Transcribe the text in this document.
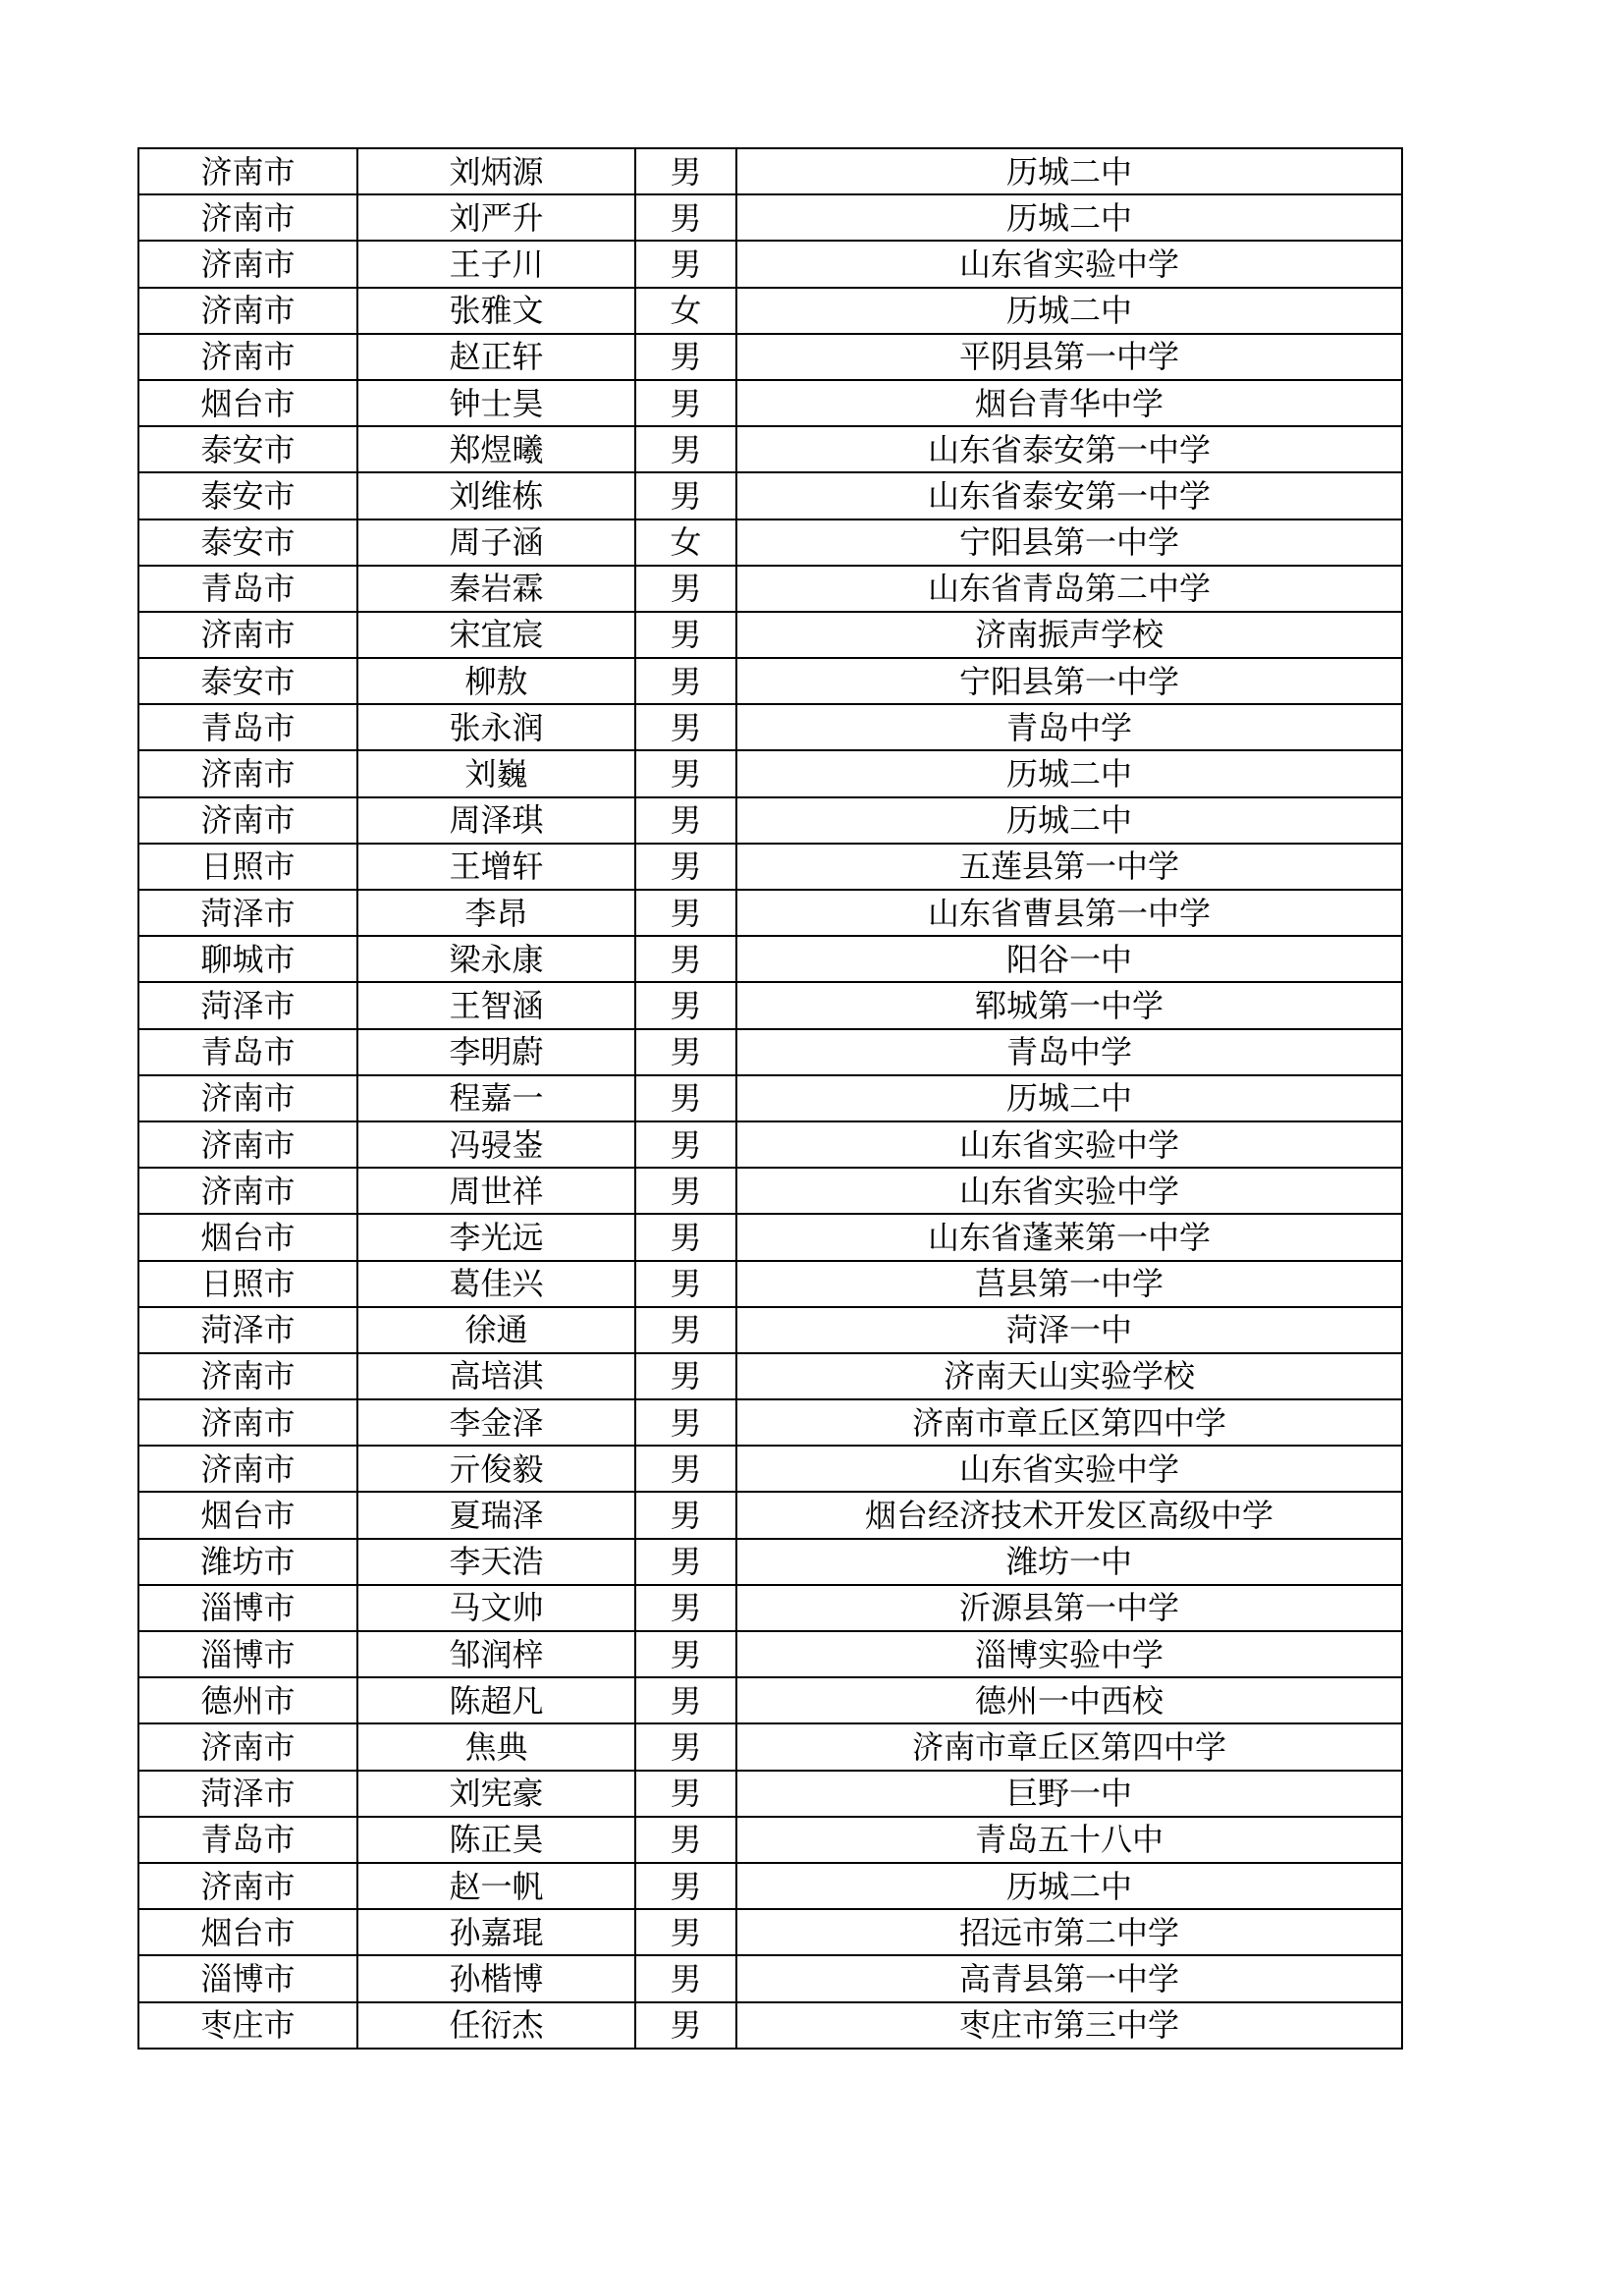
济南市	刘炳源	男	历城二中
济南市	刘严升	男	历城二中
济南市	王子川	男	山东省实验中学
济南市	张雅文	女	历城二中
济南市	赵正轩	男	平阴县第一中学
烟台市	钟士昊	男	烟台青华中学
泰安市	郑煜曦	男	山东省泰安第一中学
泰安市	刘维栋	男	山东省泰安第一中学
泰安市	周子涵	女	宁阳县第一中学
青岛市	秦岩霖	男	山东省青岛第二中学
济南市	宋宜宸	男	济南振声学校
泰安市	柳敖	男	宁阳县第一中学
青岛市	张永润	男	青岛中学
济南市	刘巍	男	历城二中
济南市	周泽琪	男	历城二中
日照市	王增轩	男	五莲县第一中学
菏泽市	李昂	男	山东省曹县第一中学
聊城市	梁永康	男	阳谷一中
菏泽市	王智涵	男	郓城第一中学
青岛市	李明蔚	男	青岛中学
济南市	程嘉一	男	历城二中
济南市	冯骎崟	男	山东省实验中学
济南市	周世祥	男	山东省实验中学
烟台市	李光远	男	山东省蓬莱第一中学
日照市	葛佳兴	男	莒县第一中学
菏泽市	徐通	男	菏泽一中
济南市	高培淇	男	济南天山实验学校
济南市	李金泽	男	济南市章丘区第四中学
济南市	亓俊毅	男	山东省实验中学
烟台市	夏瑞泽	男	烟台经济技术开发区高级中学
潍坊市	李天浩	男	潍坊一中
淄博市	马文帅	男	沂源县第一中学
淄博市	邹润梓	男	淄博实验中学
德州市	陈超凡	男	德州一中西校
济南市	焦典	男	济南市章丘区第四中学
菏泽市	刘宪豪	男	巨野一中
青岛市	陈正昊	男	青岛五十八中
济南市	赵一帆	男	历城二中
烟台市	孙嘉琨	男	招远市第二中学
淄博市	孙楷博	男	高青县第一中学
枣庄市	任衍杰	男	枣庄市第三中学
